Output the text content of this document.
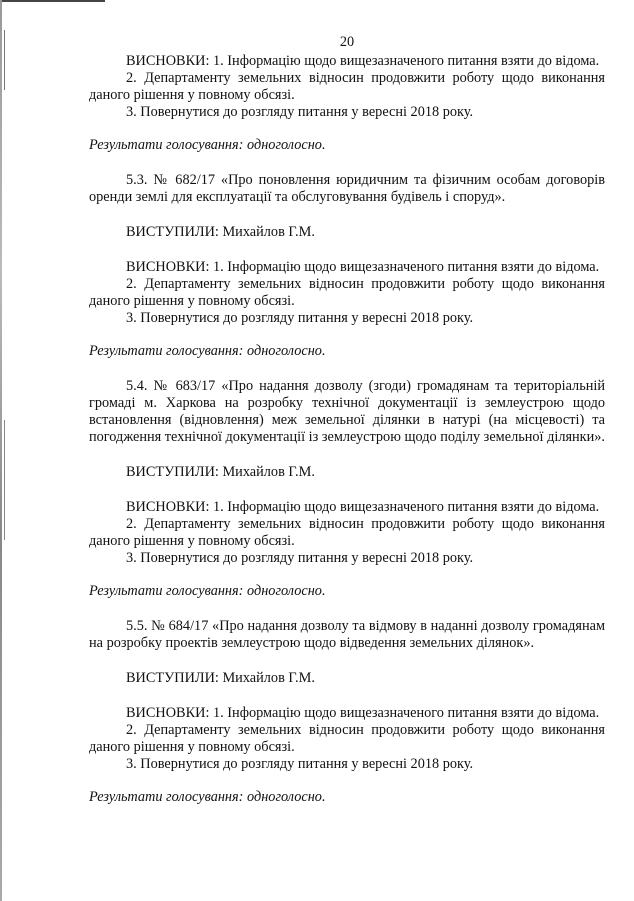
20

ВИСНОВКИ: 1. Інформацію щодо вищезазначеного питання взяти до відома.

2. Департаменту земельних відносин продовжити роботу щодо виконання даного рішення у повному обсязі.

3. Повернутися до розгляду питання у вересні 2018 року.

Результати голосування: одноголосно.

5.3. № 682/17 «Про поновлення юридичним та фізичним особам договорів оренди землі для експлуатації та обслуговування будівель і споруд».

ВИСТУПИЛИ: Михайлов Г.М.

ВИСНОВКИ: 1. Інформацію щодо вищезазначеного питання взяти до відома.

2. Департаменту земельних відносин продовжити роботу щодо виконання даного рішення у повному обсязі.

3. Повернутися до розгляду питання у вересні 2018 року.

Результати голосування: одноголосно.

5.4. № 683/17 «Про надання дозволу (згоди) громадянам та територіальній громаді м. Харкова на розробку технічної документації із землеустрою щодо встановлення (відновлення) меж земельної ділянки в натурі (на місцевості) та погодження технічної документації із землеустрою щодо поділу земельної ділянки».

ВИСТУПИЛИ: Михайлов Г.М.

ВИСНОВКИ: 1. Інформацію щодо вищезазначеного питання взяти до відома.

2. Департаменту земельних відносин продовжити роботу щодо виконання даного рішення у повному обсязі.

3. Повернутися до розгляду питання у вересні 2018 року.

Результати голосування: одноголосно.

5.5. № 684/17 «Про надання дозволу та відмову в наданні дозволу громадянам на розробку проектів землеустрою щодо відведення земельних ділянок».

ВИСТУПИЛИ: Михайлов Г.М.

ВИСНОВКИ: 1. Інформацію щодо вищезазначеного питання взяти до відома.

2. Департаменту земельних відносин продовжити роботу щодо виконання даного рішення у повному обсязі.

3. Повернутися до розгляду питання у вересні 2018 року.

Результати голосування: одноголосно.
